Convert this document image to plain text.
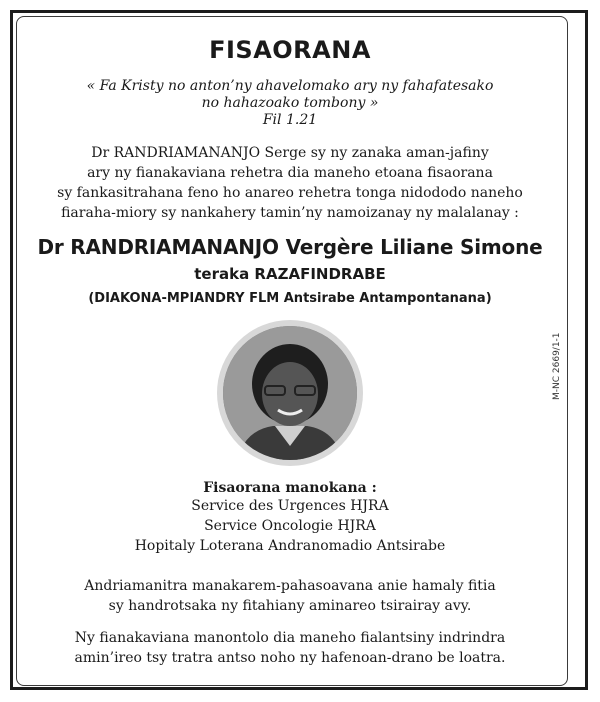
FISAORANA
« Fa Kristy no anton’ny ahavelomako ary ny fahafatesako
no hahazoako tombony »
Fil 1.21
Dr RANDRIAMANANJO Serge sy ny zanaka aman-jafiny
ary ny fianakaviana rehetra dia maneho etoana fisaorana
sy fankasitrahana feno ho anareo rehetra tonga nidododo naneho
fiaraha-miory sy nankahery tamin’ny namoizanay ny malalanay :
Dr RANDRIAMANANJO Vergère Liliane Simone
teraka RAZAFINDRABE
(DIAKONA-MPIANDRY FLM Antsirabe Antampontanana)
Fisaorana manokana :
Service des Urgences HJRA
Service Oncologie HJRA
Hopitaly Loterana Andranomadio Antsirabe
Andriamanitra manakarem-pahasoavana anie hamaly fitia
sy handrotsaka ny fitahiany aminareo tsirairay avy.
Ny fianakaviana manontolo dia maneho fialantsiny indrindra
amin’ireo tsy tratra antso noho ny hafenoan-drano be loatra.
M-NC 2669/1-1
